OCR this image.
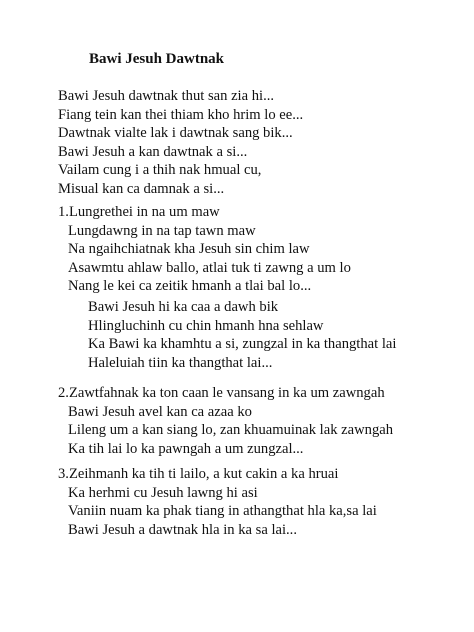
Bawi Jesuh Dawtnak
Bawi Jesuh dawtnak thut san zia hi...
Fiang tein kan thei thiam kho hrim lo ee...
Dawtnak vialte lak i dawtnak sang bik...
Bawi Jesuh a kan dawtnak a si...
Vailam cung i a thih nak hmual cu,
Misual kan ca damnak a si...
1.Lungrethei in na um maw
Lungdawng in na tap tawn maw
Na ngaihchiatnak kha Jesuh sin chim law
Asawmtu ahlaw ballo, atlai tuk ti zawng a um lo
Nang le kei ca zeitik hmanh a tlai bal lo...
Bawi Jesuh hi ka caa a dawh bik
Hlingluchinh cu chin hmanh hna sehlaw
Ka Bawi ka khamhtu a si, zungzal in ka thangthat lai
Haleluiah tiin ka thangthat lai...
2.Zawtfahnak ka ton caan le vansang in ka um zawngah
Bawi Jesuh avel kan ca azaa ko
Lileng um a kan siang lo, zan khuamuinak lak zawngah
Ka tih lai lo ka pawngah a um zungzal...
3.Zeihmanh ka tih ti lailo, a kut cakin a ka hruai
Ka herhmi cu Jesuh lawng hi asi
Vaniin nuam ka phak tiang in athangthat hla ka,sa lai
Bawi Jesuh a dawtnak hla in ka sa lai...
